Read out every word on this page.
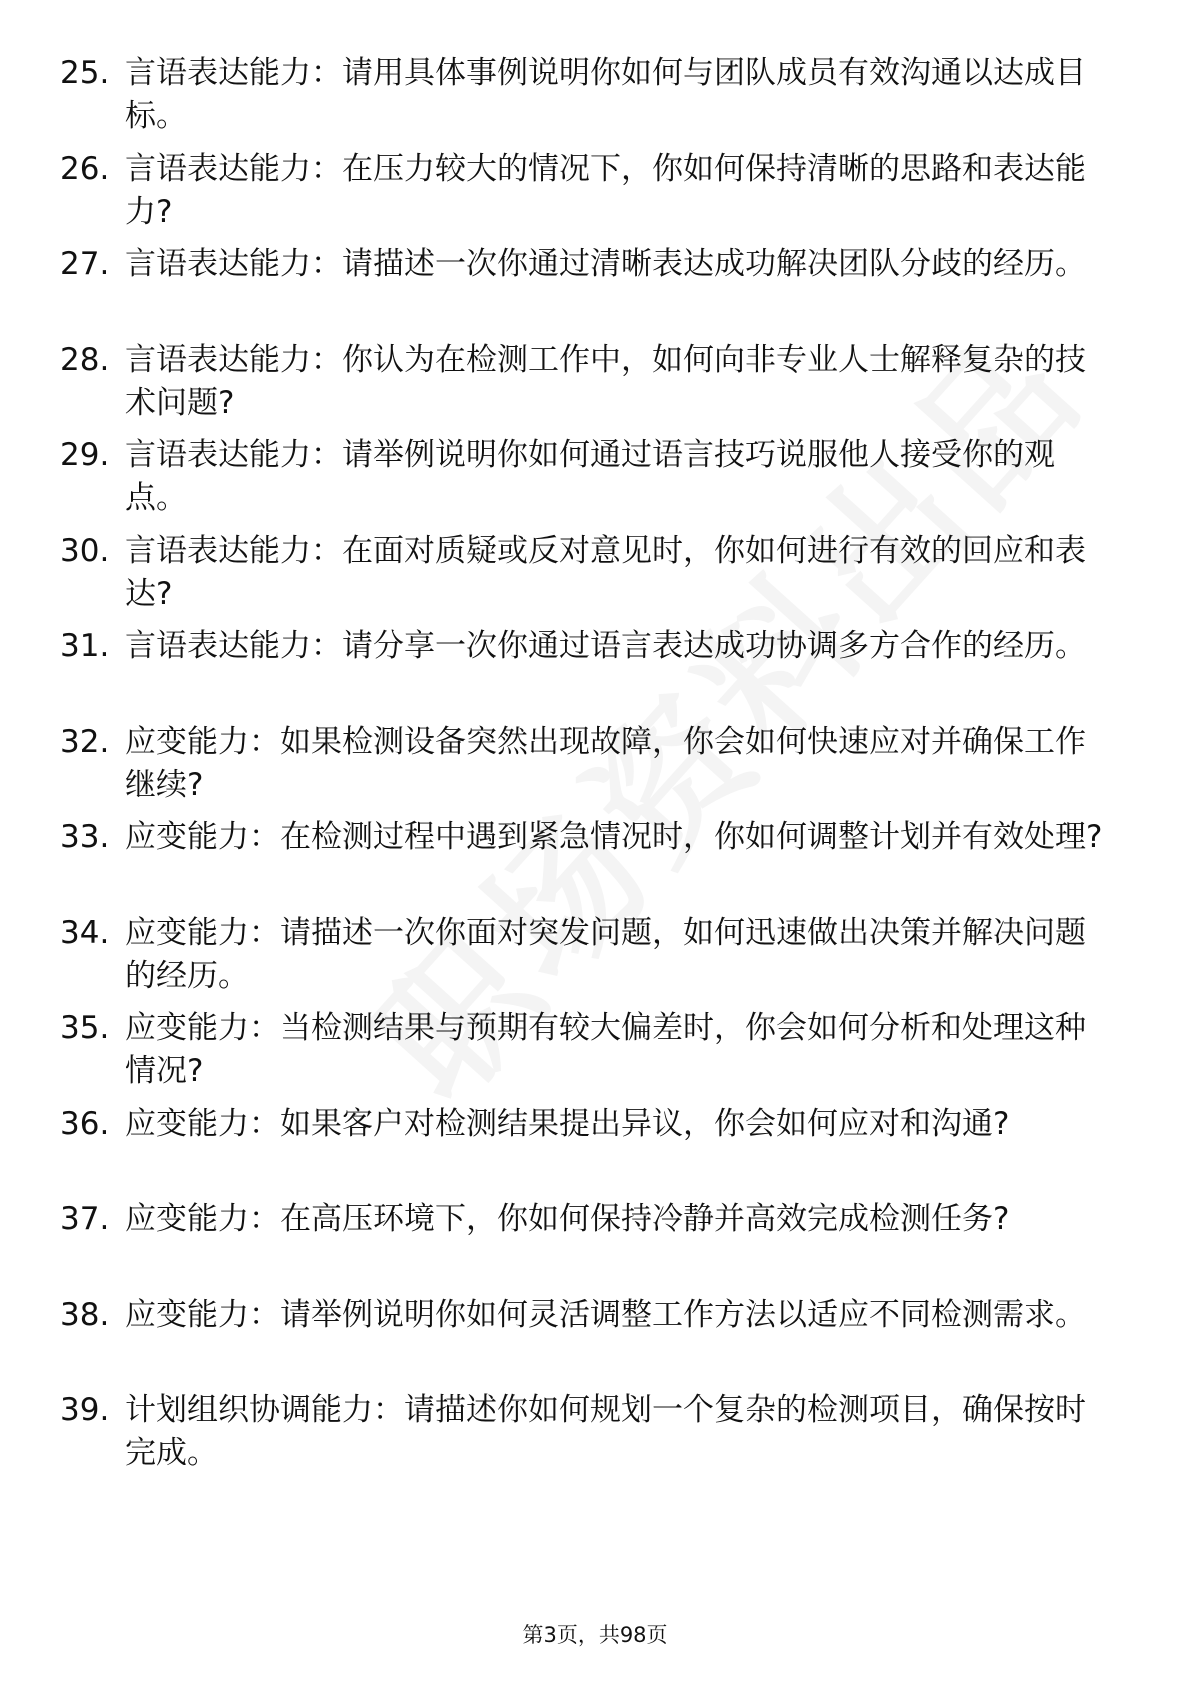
25. 言语表达能力：请用具体事例说明你如何与团队成员有效沟通以达成目标。
26. 言语表达能力：在压力较大的情况下，你如何保持清晰的思路和表达能力?
27. 言语表达能力：请描述一次你通过清晰表达成功解决团队分歧的经历。
28. 言语表达能力：你认为在检测工作中，如何向非专业人士解释复杂的技术问题?
29. 言语表达能力：请举例说明你如何通过语言技巧说服他人接受你的观点。
30. 言语表达能力：在面对质疑或反对意见时，你如何进行有效的回应和表达?
31. 言语表达能力：请分享一次你通过语言表达成功协调多方合作的经历。
32. 应变能力：如果检测设备突然出现故障，你会如何快速应对并确保工作继续?
33. 应变能力：在检测过程中遇到紧急情况时，你如何调整计划并有效处理?
34. 应变能力：请描述一次你面对突发问题，如何迅速做出决策并解决问题的经历。
35. 应变能力：当检测结果与预期有较大偏差时，你会如何分析和处理这种情况?
36. 应变能力：如果客户对检测结果提出异议，你会如何应对和沟通?
37. 应变能力：在高压环境下，你如何保持冷静并高效完成检测任务?
38. 应变能力：请举例说明你如何灵活调整工作方法以适应不同检测需求。
39. 计划组织协调能力：请描述你如何规划一个复杂的检测项目，确保按时完成。
第3页，共98页
